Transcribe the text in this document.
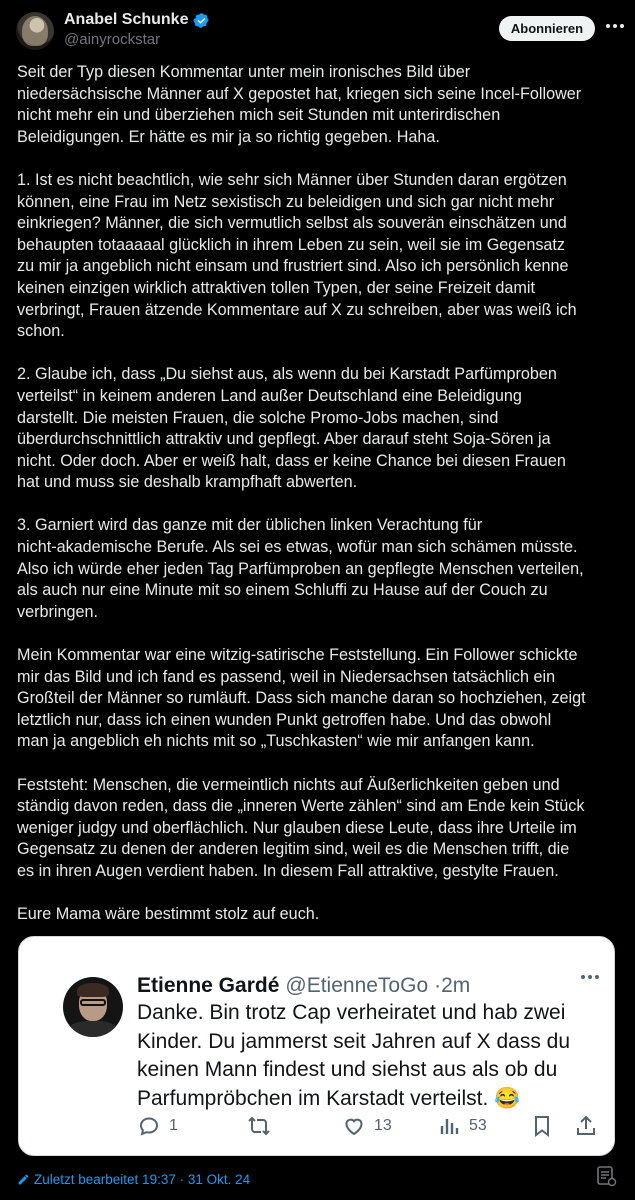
Anabel Schunke
@ainyrockstar
Abonnieren

Seit der Typ diesen Kommentar unter mein ironisches Bild über
niedersächsische Männer auf X gepostet hat, kriegen sich seine Incel-Follower
nicht mehr ein und überziehen mich seit Stunden mit unterirdischen
Beleidigungen. Er hätte es mir ja so richtig gegeben. Haha.

1. Ist es nicht beachtlich, wie sehr sich Männer über Stunden daran ergötzen
können, eine Frau im Netz sexistisch zu beleidigen und sich gar nicht mehr
einkriegen? Männer, die sich vermutlich selbst als souverän einschätzen und
behaupten totaaaaal glücklich in ihrem Leben zu sein, weil sie im Gegensatz
zu mir ja angeblich nicht einsam und frustriert sind. Also ich persönlich kenne
keinen einzigen wirklich attraktiven tollen Typen, der seine Freizeit damit
verbringt, Frauen ätzende Kommentare auf X zu schreiben, aber was weiß ich
schon.

2. Glaube ich, dass „Du siehst aus, als wenn du bei Karstadt Parfümproben
verteilst“ in keinem anderen Land außer Deutschland eine Beleidigung
darstellt. Die meisten Frauen, die solche Promo-Jobs machen, sind
überdurchschnittlich attraktiv und gepflegt. Aber darauf steht Soja-Sören ja
nicht. Oder doch. Aber er weiß halt, dass er keine Chance bei diesen Frauen
hat und muss sie deshalb krampfhaft abwerten.

3. Garniert wird das ganze mit der üblichen linken Verachtung für
nicht-akademische Berufe. Als sei es etwas, wofür man sich schämen müsste.
Also ich würde eher jeden Tag Parfümproben an gepflegte Menschen verteilen,
als auch nur eine Minute mit so einem Schluffi zu Hause auf der Couch zu
verbringen.

Mein Kommentar war eine witzig-satirische Feststellung. Ein Follower schickte
mir das Bild und ich fand es passend, weil in Niedersachsen tatsächlich ein
Großteil der Männer so rumläuft. Dass sich manche daran so hochziehen, zeigt
letztlich nur, dass ich einen wunden Punkt getroffen habe. Und das obwohl
man ja angeblich eh nichts mit so „Tuschkasten“ wie mir anfangen kann.

Feststeht: Menschen, die vermeintlich nichts auf Äußerlichkeiten geben und
ständig davon reden, dass die „inneren Werte zählen“ sind am Ende kein Stück
weniger judgy und oberflächlich. Nur glauben diese Leute, dass ihre Urteile im
Gegensatz zu denen der anderen legitim sind, weil es die Menschen trifft, die
es in ihren Augen verdient haben. In diesem Fall attraktive, gestylte Frauen.

Eure Mama wäre bestimmt stolz auf euch.

Etienne Gardé @EtienneToGo ·2m
Danke. Bin trotz Cap verheiratet und hab zwei
Kinder. Du jammerst seit Jahren auf X dass du
keinen Mann findest und siehst aus als ob du
Parfumpröbchen im Karstadt verteilst. 😂
1	13	53
Zuletzt bearbeitet 19:37 · 31 Okt. 24
